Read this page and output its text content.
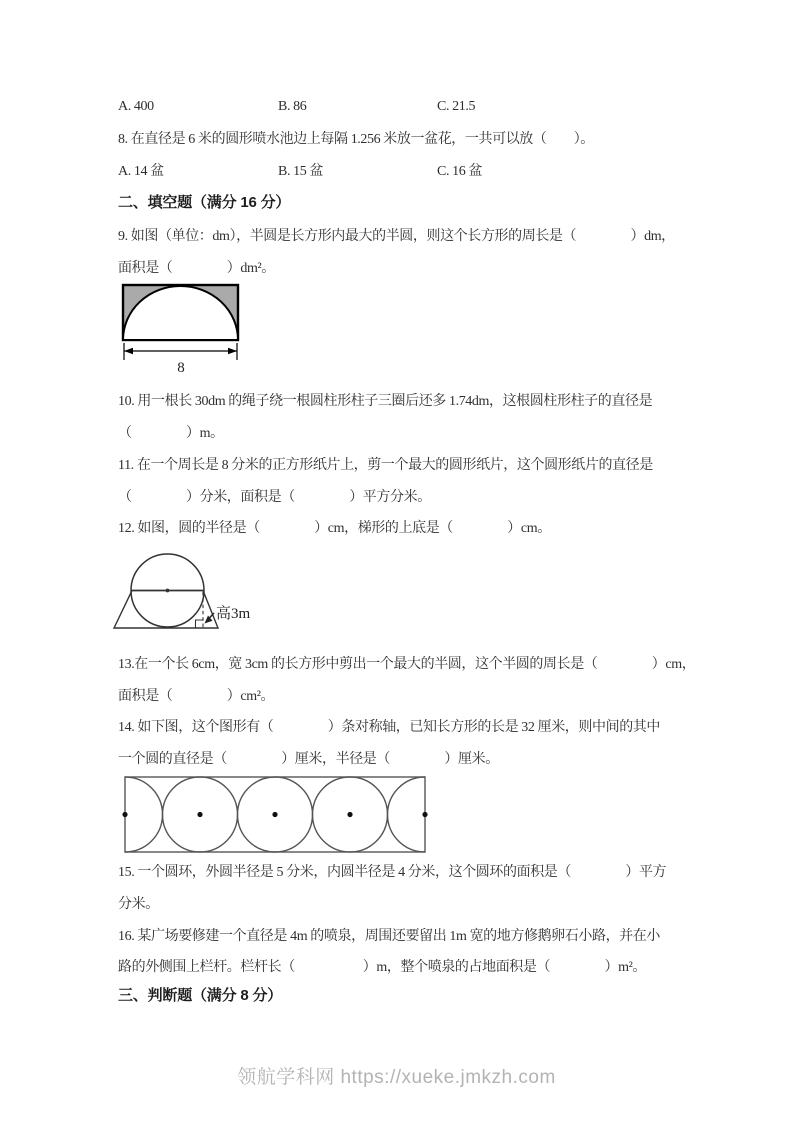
A. 400	B. 86	C. 21.5
8. 在直径是 6 米的圆形喷水池边上每隔 1.256 米放一盆花，一共可以放（　　）。
A. 14 盆	B. 15 盆	C. 16 盆
二、填空题（满分 16 分）
9. 如图（单位：dm），半圆是长方形内最大的半圆，则这个长方形的周长是（　　　　）dm，
面积是（　　　　）dm²。
8
10. 用一根长 30dm 的绳子绕一根圆柱形柱子三圈后还多 1.74dm，这根圆柱形柱子的直径是
（　　　　）m。
11. 在一个周长是 8 分米的正方形纸片上，剪一个最大的圆形纸片，这个圆形纸片的直径是
（　　　　）分米，面积是（　　　　）平方分米。
12. 如图，圆的半径是（　　　　）cm，梯形的上底是（　　　　）cm。
高3m
13.在一个长 6cm，宽 3cm 的长方形中剪出一个最大的半圆，这个半圆的周长是（　　　　）cm，
面积是（　　　　）cm²。
14. 如下图，这个图形有（　　　　）条对称轴，已知长方形的长是 32 厘米，则中间的其中
一个圆的直径是（　　　　）厘米，半径是（　　　　）厘米。
15. 一个圆环，外圆半径是 5 分米，内圆半径是 4 分米，这个圆环的面积是（　　　　）平方
分米。
16. 某广场要修建一个直径是 4m 的喷泉，周围还要留出 1m 宽的地方修鹅卵石小路，并在小
路的外侧围上栏杆。栏杆长（　　　　　）m，整个喷泉的占地面积是（　　　　）m²。
三、判断题（满分 8 分）
领航学科网 https://xueke.jmkzh.com
